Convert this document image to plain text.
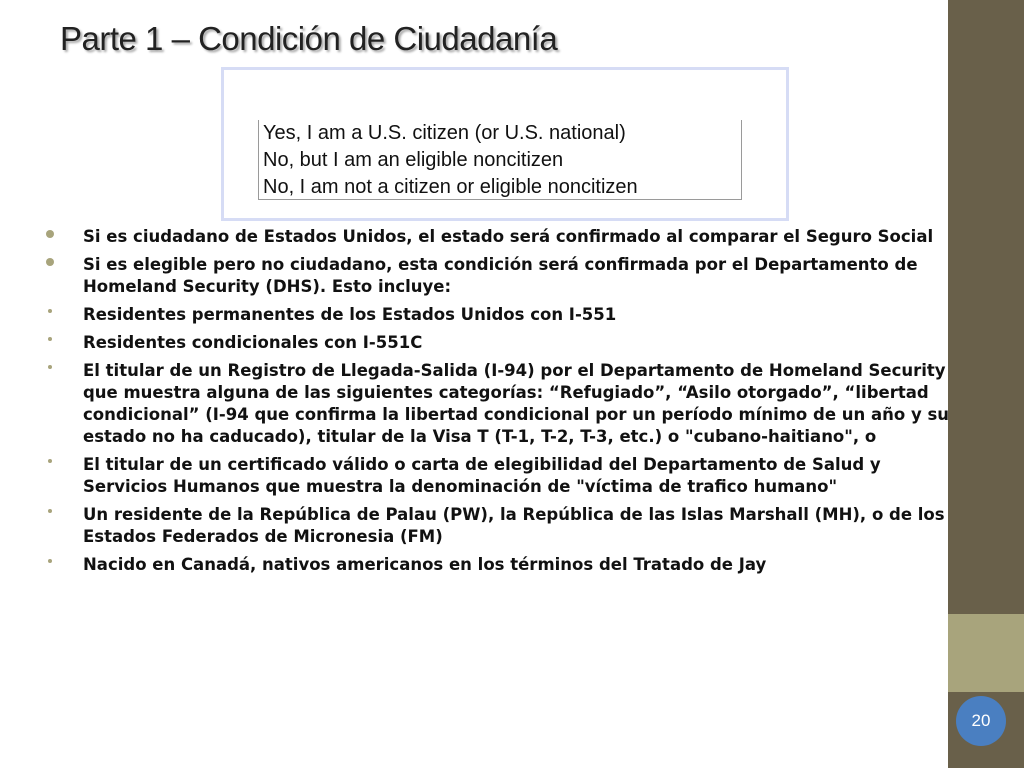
20
Parte 1 – Condición de Ciudadanía
Yes, I am a U.S. citizen (or U.S. national)
No, but I am an eligible noncitizen
No, I am not a citizen or eligible noncitizen
Si es ciudadano de Estados Unidos, el estado será confirmado al comparar el Seguro Social
Si es elegible pero no ciudadano, esta condición será confirmada por el Departamento de Homeland Security (DHS). Esto incluye:
Residentes permanentes de los Estados Unidos con I-551
Residentes condicionales con I-551C
El titular de un Registro de Llegada-Salida (I-94) por el Departamento de Homeland Security que muestra alguna de las siguientes categorías: “Refugiado”, “Asilo otorgado”, “libertad condicional” (I-94 que confirma la libertad condicional por un período mínimo de un año y su estado no ha caducado), titular de la Visa T (T-1, T-2, T-3, etc.) o "cubano-haitiano", o
El titular de un certificado válido o carta de elegibilidad del Departamento de Salud y Servicios Humanos que muestra la denominación de "víctima de trafico humano"
Un residente de la República de Palau (PW), la República de las Islas Marshall (MH), o de los Estados Federados de Micronesia (FM)
Nacido en Canadá, nativos americanos en los términos del Tratado de Jay
